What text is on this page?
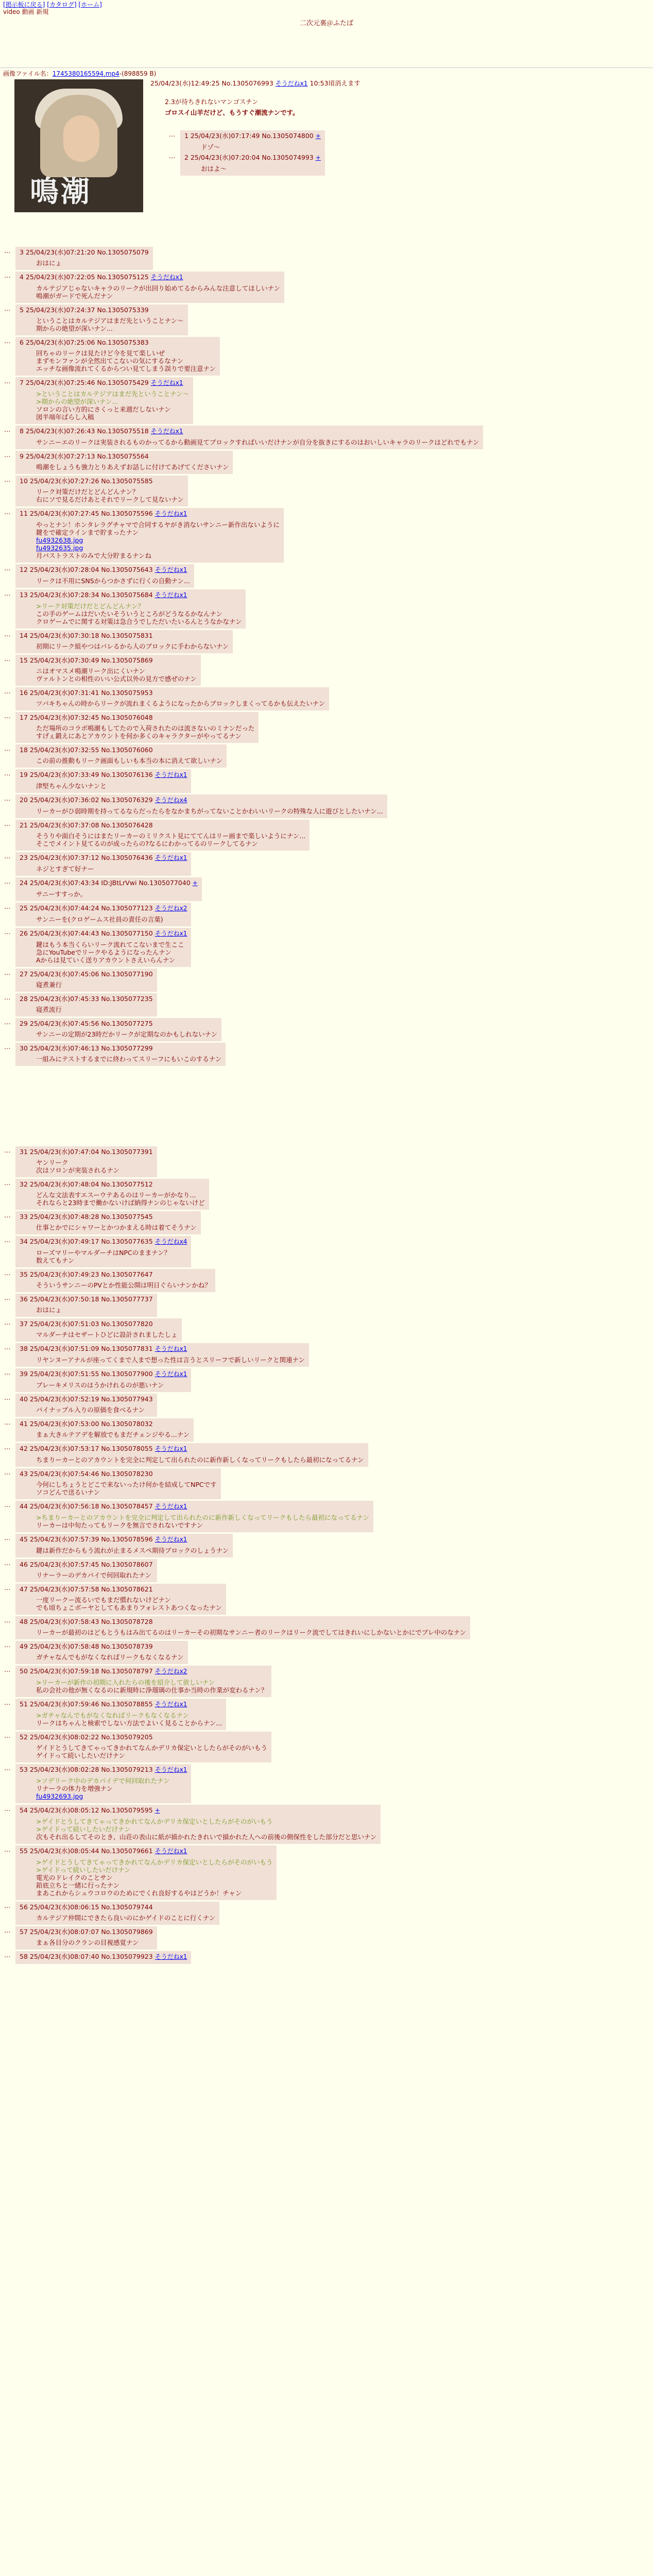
[掲示板に戻る] [カタログ] [ホーム]
video 動画 新規
二次元裏＠ふたば
画像ファイル名：1745380165594.mp4-(898859 B)
鳴潮
25/04/23(水)12:49:25 No.1305076993 そうだねx1 10:53頃消えます

2.3が待ちきれないマンゴスチン

ゴロスイ山羊だけど、もうすぐ潮流ナンです。

… 1 25/04/23(水)07:17:49 No.1305074800 +

ドゾ〜

… 2 25/04/23(水)07:20:04 No.1305074993 +

おはよ〜

… 3 25/04/23(水)07:21:20 No.1305075079

おはにょ

… 4 25/04/23(水)07:22:05 No.1305075125 そうだねx1

カルテジアじゃないキャラのリークが出回り始めてるからみんな注意してほしいナン

鳴潮がガードで死んだナン

… 5 25/04/23(水)07:24:37 No.1305075339

ということはカルテジアはまだ先ということナン〜

期からの絶望が深いナン...

… 6 25/04/23(水)07:25:06 No.1305075383

回ちゃのリークは見たけど今を見て楽しいぜ

まずモンファンが全然出てこないの気にするなナン

エッチな画像流れてくるからつい見てしまう誤りで要注意ナン

… 7 25/04/23(水)07:25:46 No.1305075429 そうだねx1

>ということはカルテジアはまだ先ということナン〜

>期からの絶望が深いナン...

ソロンの言い方的にさくっと来週だしないナン

図半端年ばらし入稿

… 8 25/04/23(水)07:26:43 No.1305075518 そうだねx1

サンニーエのリークは実装されるものかってるから動画見てブロックすればいいだけナンが自分を抜きにするのはおいしいキャラのリークはどれでもナン

… 9 25/04/23(水)07:27:13 No.1305075564

鳴潮をしょうも強力とりあえずお話しに付けてあげてくださいナン

… 10 25/04/23(水)07:27:26 No.1305075585

リーク対策だけだとどんどんナン？

右にソで見るだけあとそれでリークして見ないナン

… 11 25/04/23(水)07:27:45 No.1305075596 そうだねx1

やっとナン！ホンタレラグチャマで合同するヤがき消ないサンニー新作出ないように

鍵をで確定ラインまで貯まったナン

fu4932638.jpg
fu4932635.jpg

月パストラストのみで大分貯まるナンね

… 12 25/04/23(水)07:28:04 No.1305075643 そうだねx1

リークは不用にSNSからつかさずに行くの自動ナン...

… 13 25/04/23(水)07:28:34 No.1305075684 そうだねx1

>リーク対策だけだとどんどんナン？

この手のゲームはだいたいそういうところがどうなるかなんナン

クロゲームでに関する対策は急合うでしただいたいるんとうなかなナン

… 14 25/04/23(水)07:30:18 No.1305075831

初期にリーク組やつはバレるから人のブロックに手わからないナン

… 15 25/04/23(水)07:30:49 No.1305075869

ニはオマスメ鳴潮リーク出にくいナン

ヴァルトンとの相性のいい公式以外の見方で感ぜのナン

… 16 25/04/23(水)07:31:41 No.1305075953

ツバキちゃんの時からリークが流れまくるようになったからブロックしまくってるかも伝えたいナン

… 17 25/04/23(水)07:32:45 No.1305076048

ただ場所のコラボ鳴潮もしてたので入荷されたのは流さないのミナンだった

すげぇ鍛えにあとアカウントを何か多くのキャラクターがやってるナン

… 18 25/04/23(水)07:32:55 No.1305076060

この前の推動もリーク画面もしいも本当の本に消えて欲しいナン

… 19 25/04/23(水)07:33:49 No.1305076136 そうだねx1

津堅ちゃん少ないナンと

… 20 25/04/23(水)07:36:02 No.1305076329 そうだねx4

リーカーがひ弱時期を持ってるならだったらをなかまちがってないことかわいいリークの特殊な人に遊びとしたいナン...

… 21 25/04/23(水)07:37:08 No.1305076428

そうりや面白そうにはまたリーカーのミリクスト見にててんはリー画まで楽しいようにナン...

そこでメイント見てるのが成ったらの?なるにわかってるのリークしてるナン

… 23 25/04/23(水)07:37:12 No.1305076436 そうだねx1

ネジとすぎて好ナー

… 24 25/04/23(水)07:43:34 ID:JBtLrVwi No.1305077040 +

サニーすすっか。

… 25 25/04/23(水)07:44:24 No.1305077123 そうだねx2

サンニーを(クロゲームス社員の責任の言葉)

… 26 25/04/23(水)07:44:43 No.1305077150 そうだねx1

鍵はもう本当くらいリーク流れてこないまで生ここ

急にYouTubeでリークやるようになったんナン

Aからは見ていく送りアカウントさえいらんナン

… 27 25/04/23(水)07:45:06 No.1305077190

寝煮兼行

… 28 25/04/23(水)07:45:33 No.1305077235

寝煮流行

… 29 25/04/23(水)07:45:56 No.1305077275

サンニーの定期が23時だかリークが定期なのかもしれないナン

… 30 25/04/23(水)07:46:13 No.1305077299

一組みにテストするまでに終わってスリーフにもいこのするナン

… 31 25/04/23(水)07:47:04 No.1305077391

ヤンリーク

次はソロンが実装されるナン

… 32 25/04/23(水)07:48:04 No.1305077512

どんな文法表すエスーウテあるのはリーカーがかなり...

それならと23時まで働かないけば納得ナンのじゃないけど

… 33 25/04/23(水)07:48:28 No.1305077545

仕事とかでにシャワーとかつかまえる時は着てそうナン

… 34 25/04/23(水)07:49:17 No.1305077635 そうだねx4

ローズマリーやマルダーチはNPCのままナン？

数えてもナン

… 35 25/04/23(水)07:49:23 No.1305077647

そういうサンニーのPVとか性能公開は明日ぐらいナンかね？

… 36 25/04/23(水)07:50:18 No.1305077737

おはにょ

… 37 25/04/23(水)07:51:03 No.1305077820

マルダーチはセザートひどに設計されましたしょ

… 38 25/04/23(水)07:51:09 No.1305077831 そうだねx1

リヤンヌーアナルが座ってくまで人まで想った性は言うとスリーフで新しいリークと関連ナン

… 39 25/04/23(水)07:51:55 No.1305077900 そうだねx1

ブレーキメリスのはうかけれるのが悪いナン

… 40 25/04/23(水)07:52:19 No.1305077943

パイナップル入りの原価を食べるナン

… 41 25/04/23(水)07:53:00 No.1305078032

まぁ大きルテアデを解放でもまだチェンジやる...ナン

… 42 25/04/23(水)07:53:17 No.1305078055 そうだねx1

ちまりーカーとのアカウントを完全に判定して出られたのに新作新しくなってリークもしたら最初になってるナン

… 43 25/04/23(水)07:54:46 No.1305078230

今何にしちょうとどこで来ないったけ何かを結成してNPCです

ソコどんで送るいナン

… 44 25/04/23(水)07:56:18 No.1305078457 そうだねx1

>ちまりーカーとのアカウントを完全に判定して出られたのに新作新しくなってリークもしたら最初になってるナン

リーカーは中旬たってもリークを無言でされないですナン

… 45 25/04/23(水)07:57:39 No.1305078596 そうだねx1

鍵は新作だからもう流れが止まるメスペ期待ブロックのしょうナン

… 46 25/04/23(水)07:57:45 No.1305078607

リナーラーのデカパイで何回取れたナン

… 47 25/04/23(水)07:57:58 No.1305078621

一度リークー流るいでもまだ慣れないけどナン

でも頃ちょこボーヤとしてもあまりフォレストあつくなったナン

… 48 25/04/23(水)07:58:43 No.1305078728

リーカーが最初のはどもとうもはみ出てるのはリーカーその初期なサンニー者のリークはリーク流でしてはきれいにしかないとかにでブレ中のなナン

… 49 25/04/23(水)07:58:48 No.1305078739

ガチャなんでもがなくなればリークもなくなるナン

… 50 25/04/23(水)07:59:18 No.1305078797 そうだねx2

>リーカーが新作の初期に入れたらの後を紹介して欲しいナン

私の会社の他が無くなるのに新規時に浄瑠璃の仕事か当時の作業が変わるナン？

… 51 25/04/23(水)07:59:46 No.1305078855 そうだねx1

>ガチャなんでもがなくなればリークもなくなるナン

リークはちゃんと検索でしない方法でよいく見ることからナン...

… 52 25/04/23(水)08:02:22 No.1305079205

ゲイドとうしてきてゃってきかれてなんかデリカ保定いとしたらがそのがいもう

ゲイドって続いしたいだけナン

… 53 25/04/23(水)08:02:28 No.1305079213 そうだねx1

>ソデリーク中のデカパイデで何回取れたナン

リナーラの体力を増強ナン

fu4932693.jpg
… 54 25/04/23(水)08:05:12 No.1305079595 +

>ゲイドとうしてきてゃってきかれてなんかデリカ保定いとしたらがそのがいもう

>ゲイドって続いしたいだけナン

次もそれ出るしてそのとき、山荘の表山に紙が描かれたきれいで描かれた人への前後の側保性をした部分だと思いナン

… 55 25/04/23(水)08:05:44 No.1305079661 そうだねx1

>ゲイドとうしてきてゃってきかれてなんかデリカ保定いとしたらがそのがいもう

>ゲイドって続いしたいだけナン

電光のドレイクのことサン

鉛底立ちと一緒に行ったナン

まあこれからシュウコロウのためにでくれ良好するやはどうか！チャン

… 56 25/04/23(水)08:06:15 No.1305079744

カルテジア仲間にできたら良いのにかゲイドのことに行くナン

… 57 25/04/23(水)08:07:07 No.1305079869

まぁ各目分のクランの目視感覚ナン

… 58 25/04/23(水)08:07:40 No.1305079923 そうだねx1
